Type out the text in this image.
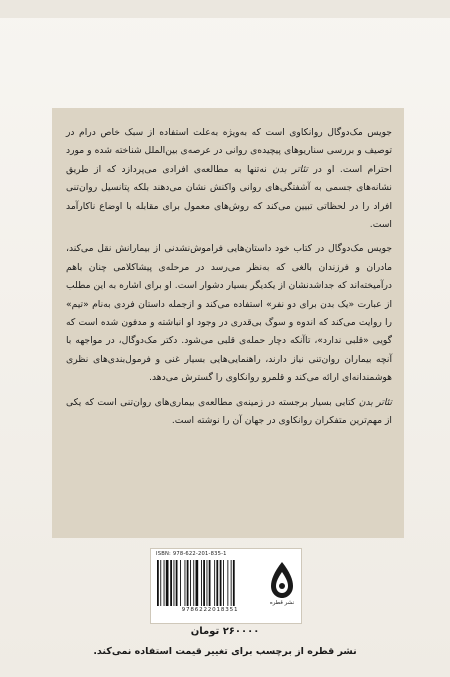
جویس مک‌دوگال روانکاوی است که به‌ویژه به‌علت استفاده از سبک خاص درام در توصیف و بررسی سناریوهای پیچیده‌ی روانی در عرصه‌ی بین‌الملل شناخته شده و مورد احترام است. او در تئاتر بدن نه‌تنها به مطالعه‌ی افرادی می‌پردازد که از طریق نشانه‌های جسمی به آشفتگی‌های روانی واکنش نشان می‌دهند بلکه پتانسیل روان‌تنی افراد را در لحظاتی تبیین می‌کند که روش‌های معمول برای مقابله با اوضاع ناکارآمد است.

جویس مک‌دوگال در کتاب خود داستان‌هایی فراموش‌نشدنی از بیمارانش نقل می‌کند، مادران و فرزندان بالغی که به‌نظر می‌رسد در مرحله‌ی پیشاکلامی چنان باهم درآمیخته‌اند که جداشدنشان از یکدیگر بسیار دشوار است. او برای اشاره به این مطلب از عبارت «یک بدن برای دو نفر» استفاده می‌کند و ازجمله داستان فردی به‌نام «تیم» را روایت می‌کند که اندوه و سوگ بی‌قدری در وجود او انباشته و مدفون شده است که گویی «قلبی ندارد»، تاآنکه دچار حمله‌ی قلبی می‌شود. دکتر مک‌دوگال، در مواجهه با آنچه بیماران روان‌تنی نیاز دارند، راهنمایی‌هایی بسیار غنی و فرمول‌بندی‌های نظری هوشمندانه‌ای ارائه می‌کند و قلمرو روانکاوی را گسترش می‌دهد.

تئاتر بدن کتابی بسیار برجسته در زمینه‌ی مطالعه‌ی بیماری‌های روان‌تنی است که یکی از مهم‌ترین متفکران روانکاوی در جهان آن را نوشته است.

ISBN: 978-622-201-835-1
9786222018351
نشر قطره
۲۶۰۰۰۰ تومان
نشر قطره از برچسب برای تغییر قیمت استفاده نمی‌کند.
